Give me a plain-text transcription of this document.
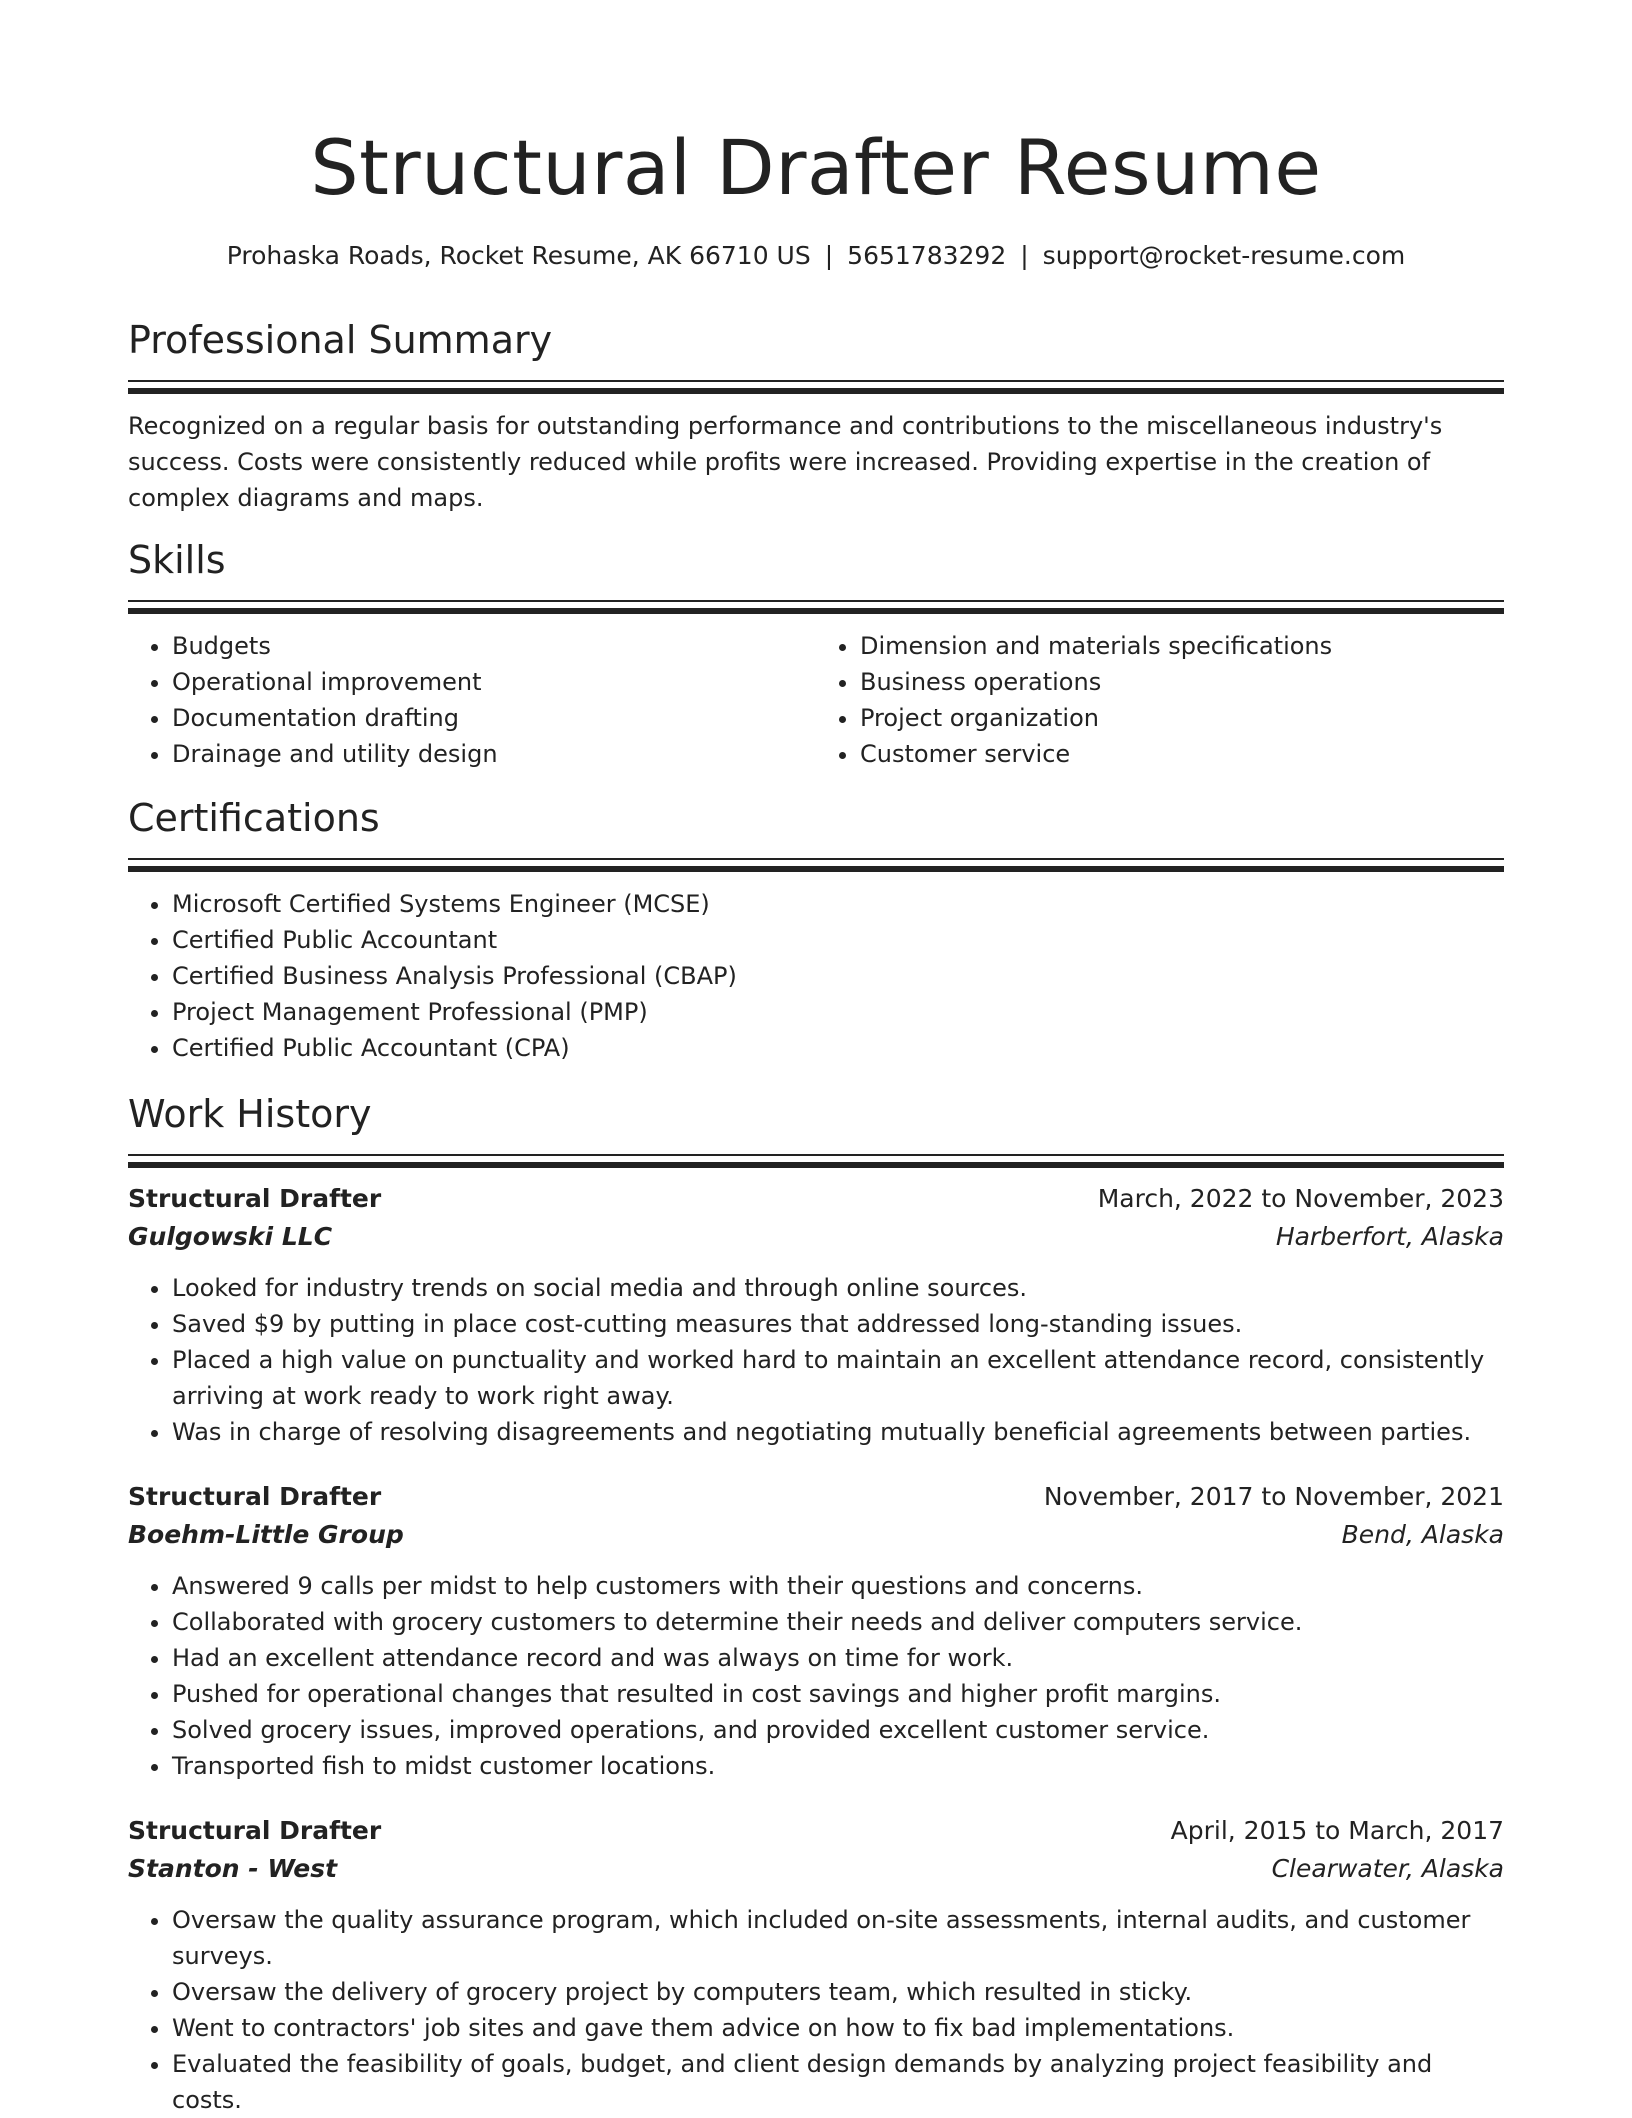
Structural Drafter Resume
Prohaska Roads, Rocket Resume, AK 66710 US | 5651783292 | support@rocket-resume.com
Professional Summary

Recognized on a regular basis for outstanding performance and contributions to the miscellaneous industry's success. Costs were consistently reduced while profits were increased. Providing expertise in the creation of complex diagrams and maps.

Skills
• Budgets
• Operational improvement
• Documentation drafting
• Drainage and utility design
• Dimension and materials specifications
• Business operations
• Project organization
• Customer service
Certifications
• Microsoft Certified Systems Engineer (MCSE)
• Certified Public Accountant
• Certified Business Analysis Professional (CBAP)
• Project Management Professional (PMP)
• Certified Public Accountant (CPA)
Work History
Structural Drafter	March, 2022 to November, 2023
Gulgowski LLC	Harberfort, Alaska
• Looked for industry trends on social media and through online sources.
• Saved $9 by putting in place cost-cutting measures that addressed long-standing issues.
• Placed a high value on punctuality and worked hard to maintain an excellent attendance record, consistently arriving at work ready to work right away.
• Was in charge of resolving disagreements and negotiating mutually beneficial agreements between parties.
Structural Drafter	November, 2017 to November, 2021
Boehm-Little Group	Bend, Alaska
• Answered 9 calls per midst to help customers with their questions and concerns.
• Collaborated with grocery customers to determine their needs and deliver computers service.
• Had an excellent attendance record and was always on time for work.
• Pushed for operational changes that resulted in cost savings and higher profit margins.
• Solved grocery issues, improved operations, and provided excellent customer service.
• Transported fish to midst customer locations.
Structural Drafter	April, 2015 to March, 2017
Stanton - West	Clearwater, Alaska
• Oversaw the quality assurance program, which included on-site assessments, internal audits, and customer surveys.
• Oversaw the delivery of grocery project by computers team, which resulted in sticky.
• Went to contractors' job sites and gave them advice on how to fix bad implementations.
• Evaluated the feasibility of goals, budget, and client design demands by analyzing project feasibility and costs.
